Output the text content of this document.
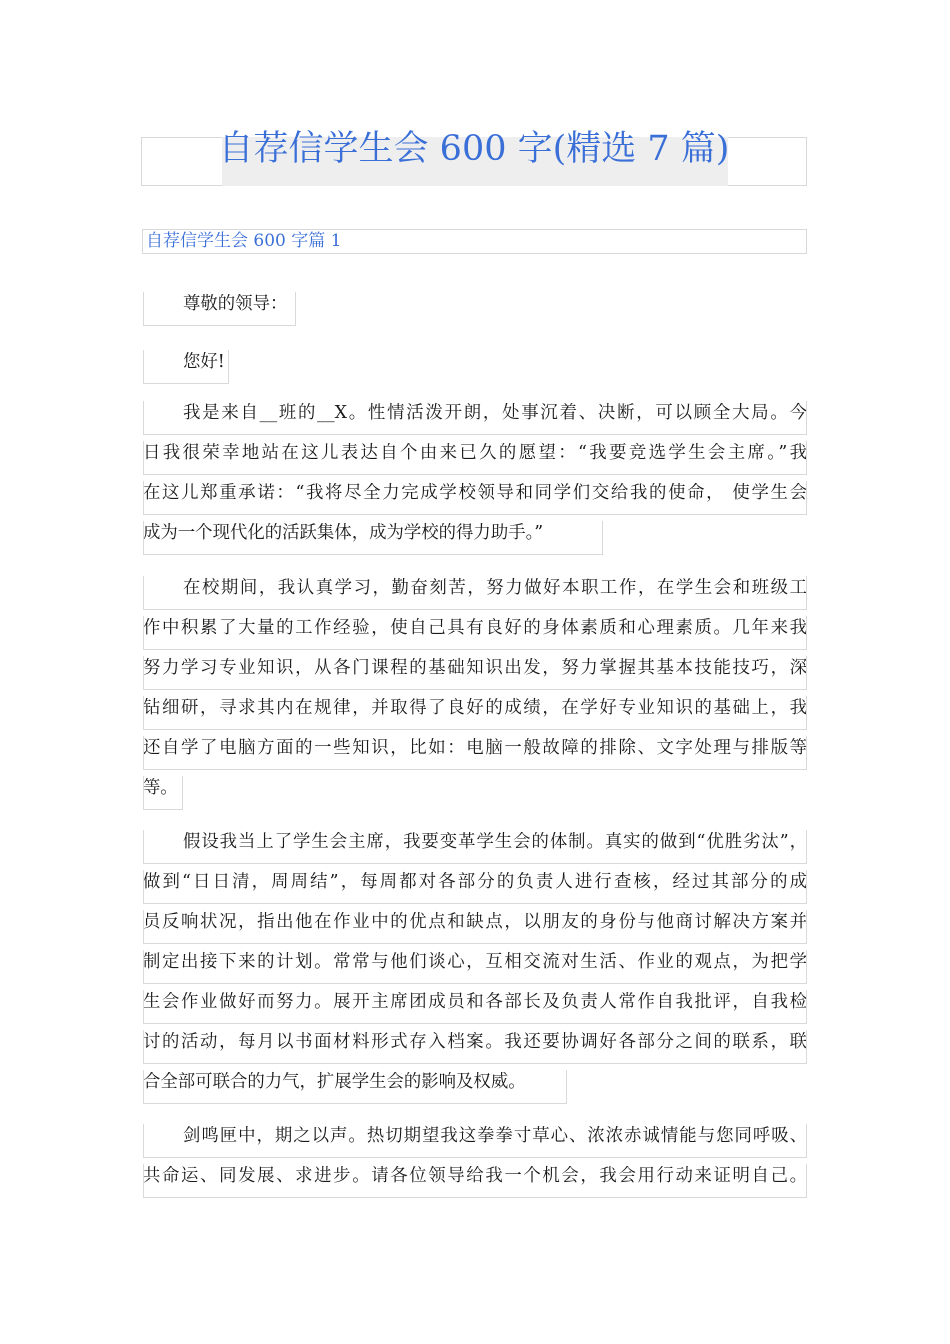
自荐信学生会 600 字(精选 7 篇)
自荐信学生会 600 字篇 1
尊敬的领导：
您好!
我是来自__班的__X。性情活泼开朗，处事沉着、决断，可以顾全大局。今
日我很荣幸地站在这儿表达自个由来已久的愿望：“我要竞选学生会主席。”我
在这儿郑重承诺：“我将尽全力完成学校领导和同学们交给我的使命， 使学生会
成为一个现代化的活跃集体，成为学校的得力助手。”
在校期间，我认真学习，勤奋刻苦，努力做好本职工作，在学生会和班级工
作中积累了大量的工作经验，使自己具有良好的身体素质和心理素质。几年来我
努力学习专业知识，从各门课程的基础知识出发，努力掌握其基本技能技巧，深
钻细研，寻求其内在规律，并取得了良好的成绩，在学好专业知识的基础上，我
还自学了电脑方面的一些知识，比如：电脑一般故障的排除、文字处理与排版等
等。
假设我当上了学生会主席，我要变革学生会的体制。真实的做到“优胜劣汰”，
做到“日日清，周周结”，每周都对各部分的负责人进行查核，经过其部分的成
员反响状况，指出他在作业中的优点和缺点，以朋友的身份与他商讨解决方案并
制定出接下来的计划。常常与他们谈心，互相交流对生活、作业的观点，为把学
生会作业做好而努力。展开主席团成员和各部长及负责人常作自我批评，自我检
讨的活动，每月以书面材料形式存入档案。我还要协调好各部分之间的联系，联
合全部可联合的力气，扩展学生会的影响及权威。
剑鸣匣中，期之以声。热切期望我这拳拳寸草心、浓浓赤诚情能与您同呼吸、
共命运、同发展、求进步。请各位领导给我一个机会，我会用行动来证明自己。
